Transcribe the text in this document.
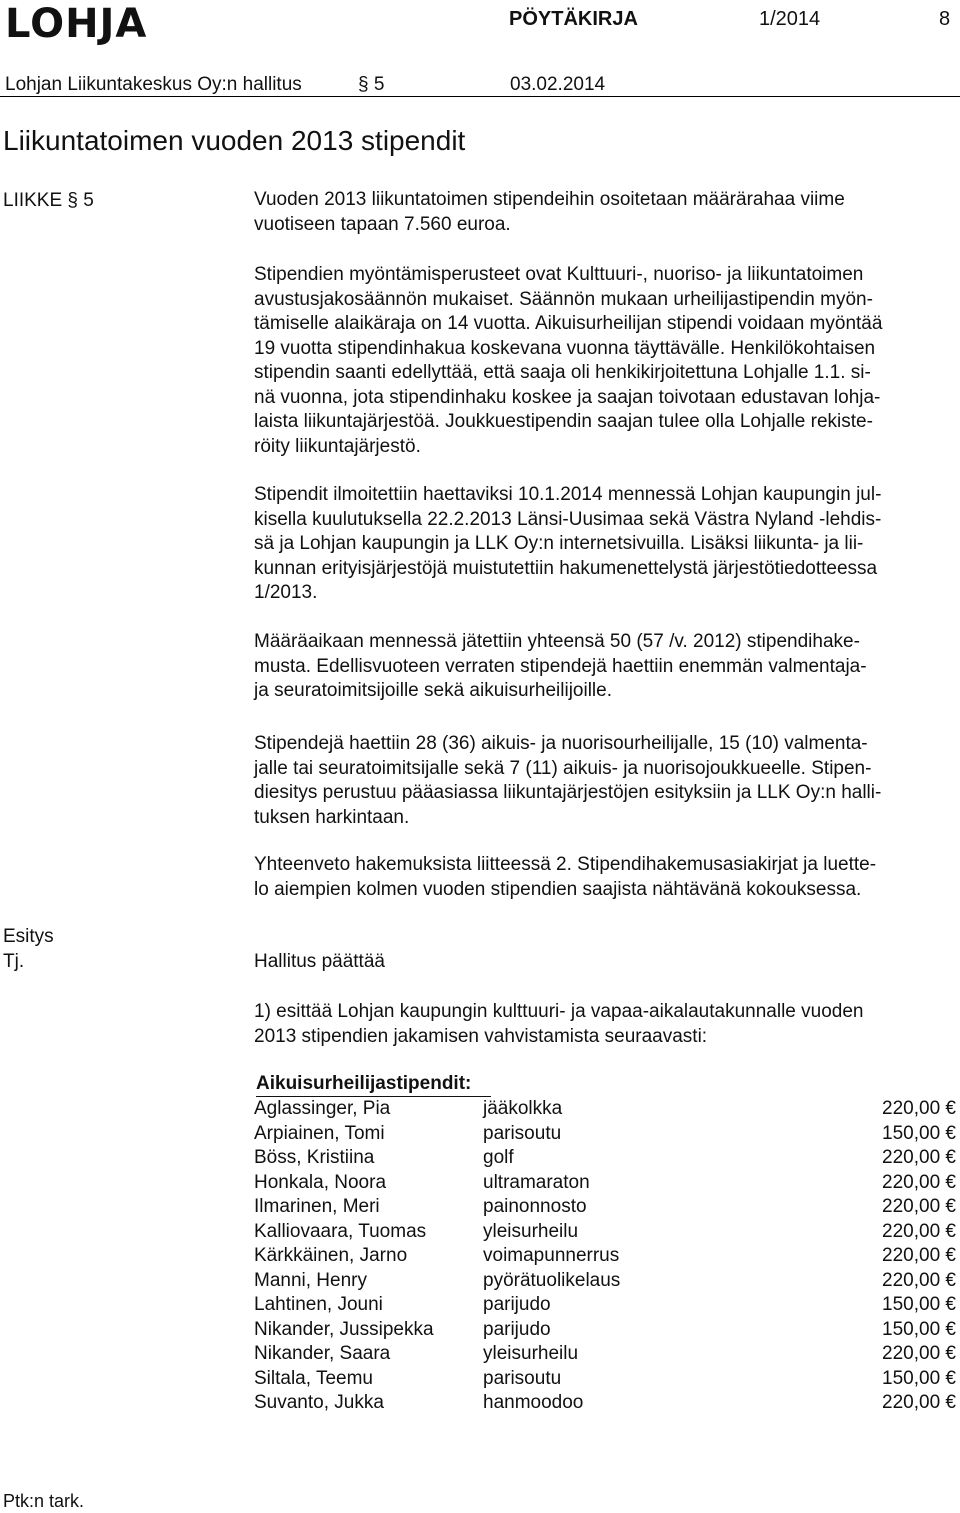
LOHJA	PÖYTÄKIRJA	1/2014	8
Lohjan Liikuntakeskus Oy:n hallitus	§ 5	03.02.2014
Liikuntatoimen vuoden 2013 stipendit
LIIKKE § 5	Vuoden 2013 liikuntatoimen stipendeihin osoitetaan määrärahaa viime
vuotiseen tapaan 7.560 euroa.
Stipendien myöntämisperusteet ovat Kulttuuri-, nuoriso- ja liikuntatoimen
avustusjakosäännön mukaiset. Säännön mukaan urheilijastipendin myön-
tämiselle alaikäraja on 14 vuotta. Aikuisurheilijan stipendi voidaan myöntää
19 vuotta stipendinhakua koskevana vuonna täyttävälle. Henkilökohtaisen
stipendin saanti edellyttää, että saaja oli henkikirjoitettuna Lohjalle 1.1. si-
nä vuonna, jota stipendinhaku koskee ja saajan toivotaan edustavan lohja-
laista liikuntajärjestöä. Joukkuestipendin saajan tulee olla Lohjalle rekiste-
röity liikuntajärjestö.
Stipendit ilmoitettiin haettaviksi 10.1.2014 mennessä Lohjan kaupungin jul-
kisella kuulutuksella 22.2.2013 Länsi-Uusimaa sekä Västra Nyland -lehdis-
sä ja Lohjan kaupungin ja LLK Oy:n internetsivuilla. Lisäksi liikunta- ja lii-
kunnan erityisjärjestöjä muistutettiin hakumenettelystä järjestötiedotteessa
1/2013.
Määräaikaan mennessä jätettiin yhteensä 50 (57 /v. 2012) stipendihake-
musta. Edellisvuoteen verraten stipendejä haettiin enemmän valmentaja-
ja seuratoimitsijoille sekä aikuisurheilijoille.
Stipendejä haettiin 28 (36) aikuis- ja nuorisourheilijalle, 15 (10) valmenta-
jalle tai seuratoimitsijalle sekä 7 (11) aikuis- ja nuorisojoukkueelle. Stipen-
diesitys perustuu pääasiassa liikuntajärjestöjen esityksiin ja LLK Oy:n halli-
tuksen harkintaan.
Yhteenveto hakemuksista liitteessä 2. Stipendihakemusasiakirjat ja luette-
lo aiempien kolmen vuoden stipendien saajista nähtävänä kokouksessa.
Esitys
Tj.	Hallitus päättää
1) esittää Lohjan kaupungin kulttuuri- ja vapaa-aikalautakunnalle vuoden
2013 stipendien jakamisen vahvistamista seuraavasti:
Aikuisurheilijastipendit:
Aglassinger, Pia	jääkolkka	220,00 €
Arpiainen, Tomi	parisoutu	150,00 €
Böss, Kristiina	golf	220,00 €
Honkala, Noora	ultramaraton	220,00 €
Ilmarinen, Meri	painonnosto	220,00 €
Kalliovaara, Tuomas	yleisurheilu	220,00 €
Kärkkäinen, Jarno	voimapunnerrus	220,00 €
Manni, Henry	pyörätuolikelaus	220,00 €
Lahtinen, Jouni	parijudo	150,00 €
Nikander, Jussipekka	parijudo	150,00 €
Nikander, Saara	yleisurheilu	220,00 €
Siltala, Teemu	parisoutu	150,00 €
Suvanto, Jukka	hanmoodoo	220,00 €
Ptk:n tark.
